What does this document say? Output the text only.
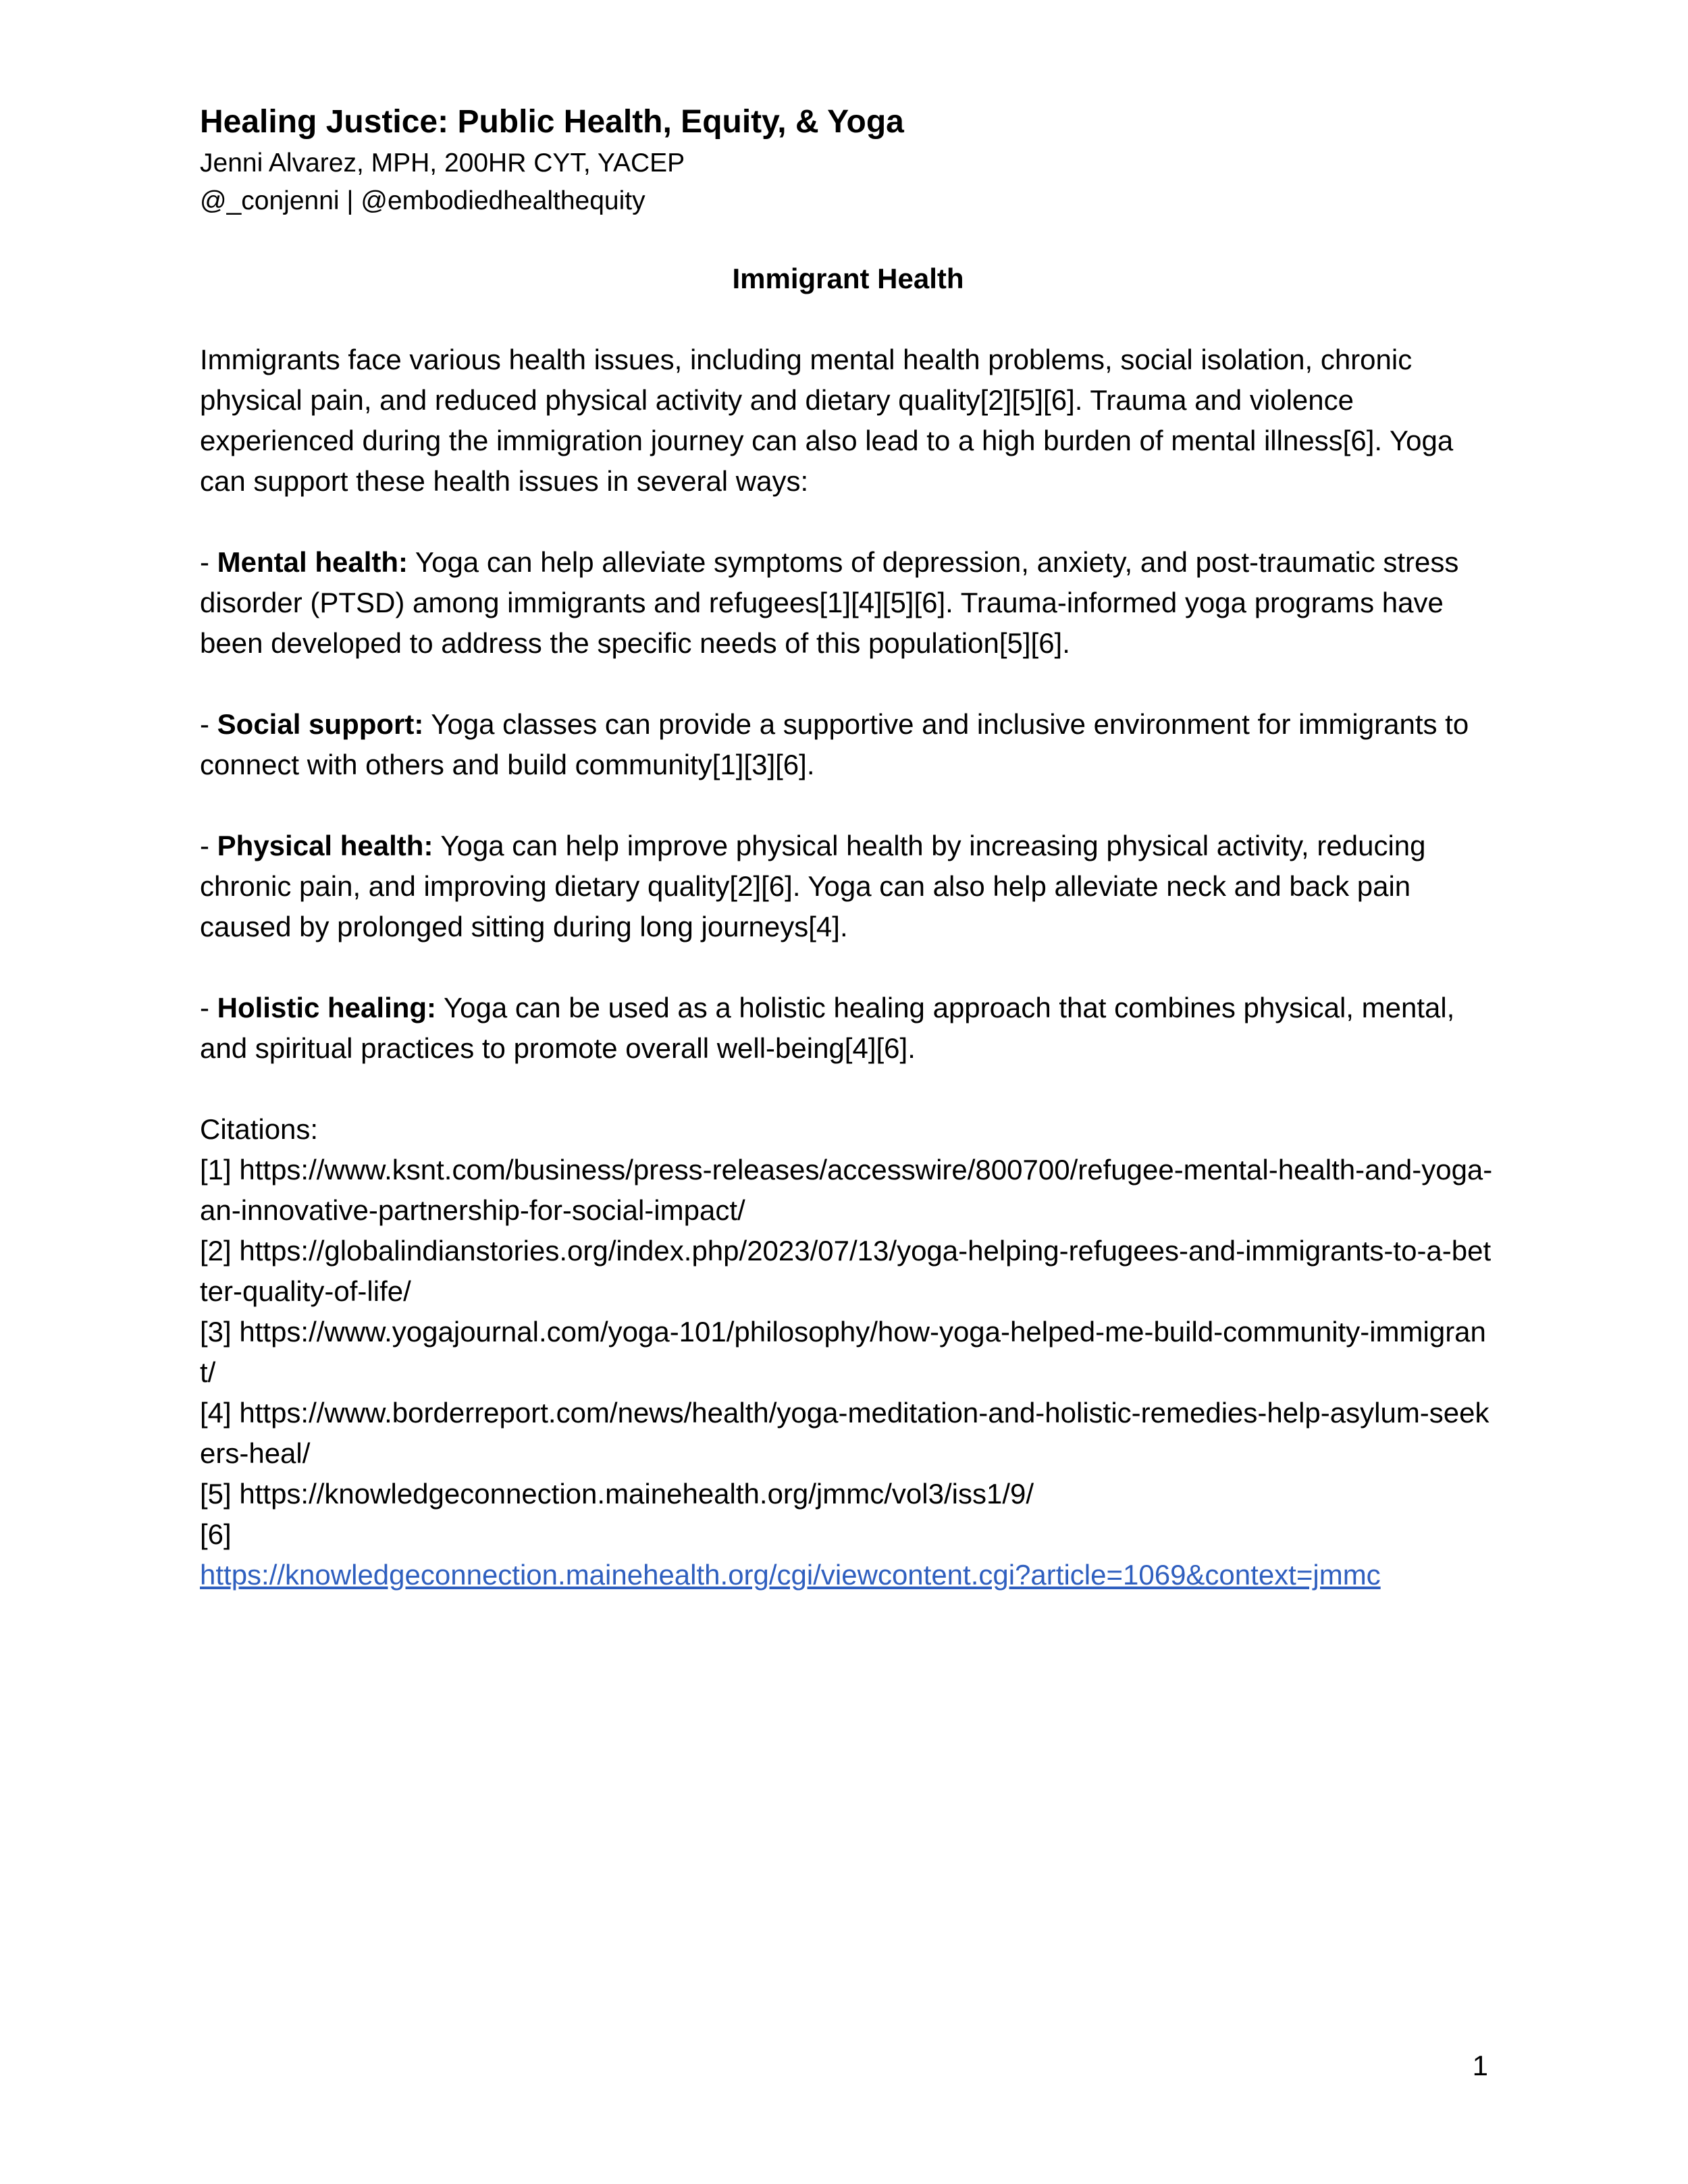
Healing Justice: Public Health, Equity, & Yoga
Jenni Alvarez, MPH, 200HR CYT, YACEP
@_conjenni | @embodiedhealthequity
Immigrant Health

Immigrants face various health issues, including mental health problems, social isolation, chronic physical pain, and reduced physical activity and dietary quality[2][5][6]. Trauma and violence experienced during the immigration journey can also lead to a high burden of mental illness[6]. Yoga can support these health issues in several ways:

- Mental health: Yoga can help alleviate symptoms of depression, anxiety, and post-traumatic stress disorder (PTSD) among immigrants and refugees[1][4][5][6]. Trauma-informed yoga programs have been developed to address the specific needs of this population[5][6].

- Social support: Yoga classes can provide a supportive and inclusive environment for immigrants to connect with others and build community[1][3][6].

- Physical health: Yoga can help improve physical health by increasing physical activity, reducing chronic pain, and improving dietary quality[2][6]. Yoga can also help alleviate neck and back pain caused by prolonged sitting during long journeys[4].

- Holistic healing: Yoga can be used as a holistic healing approach that combines physical, mental, and spiritual practices to promote overall well-being[4][6].

Citations:
[1] https://www.ksnt.com/business/press-releases/accesswire/800700/refugee-mental-health-and-yoga-an-innovative-partnership-for-social-impact/
[2] https://globalindianstories.org/index.php/2023/07/13/yoga-helping-refugees-and-immigrants-to-a-better-quality-of-life/
[3] https://www.yogajournal.com/yoga-101/philosophy/how-yoga-helped-me-build-community-immigrant/
[4] https://www.borderreport.com/news/health/yoga-meditation-and-holistic-remedies-help-asylum-seekers-heal/
[5] https://knowledgeconnection.mainehealth.org/jmmc/vol3/iss1/9/
[6]
https://knowledgeconnection.mainehealth.org/cgi/viewcontent.cgi?article=1069&context=jmmc
1
